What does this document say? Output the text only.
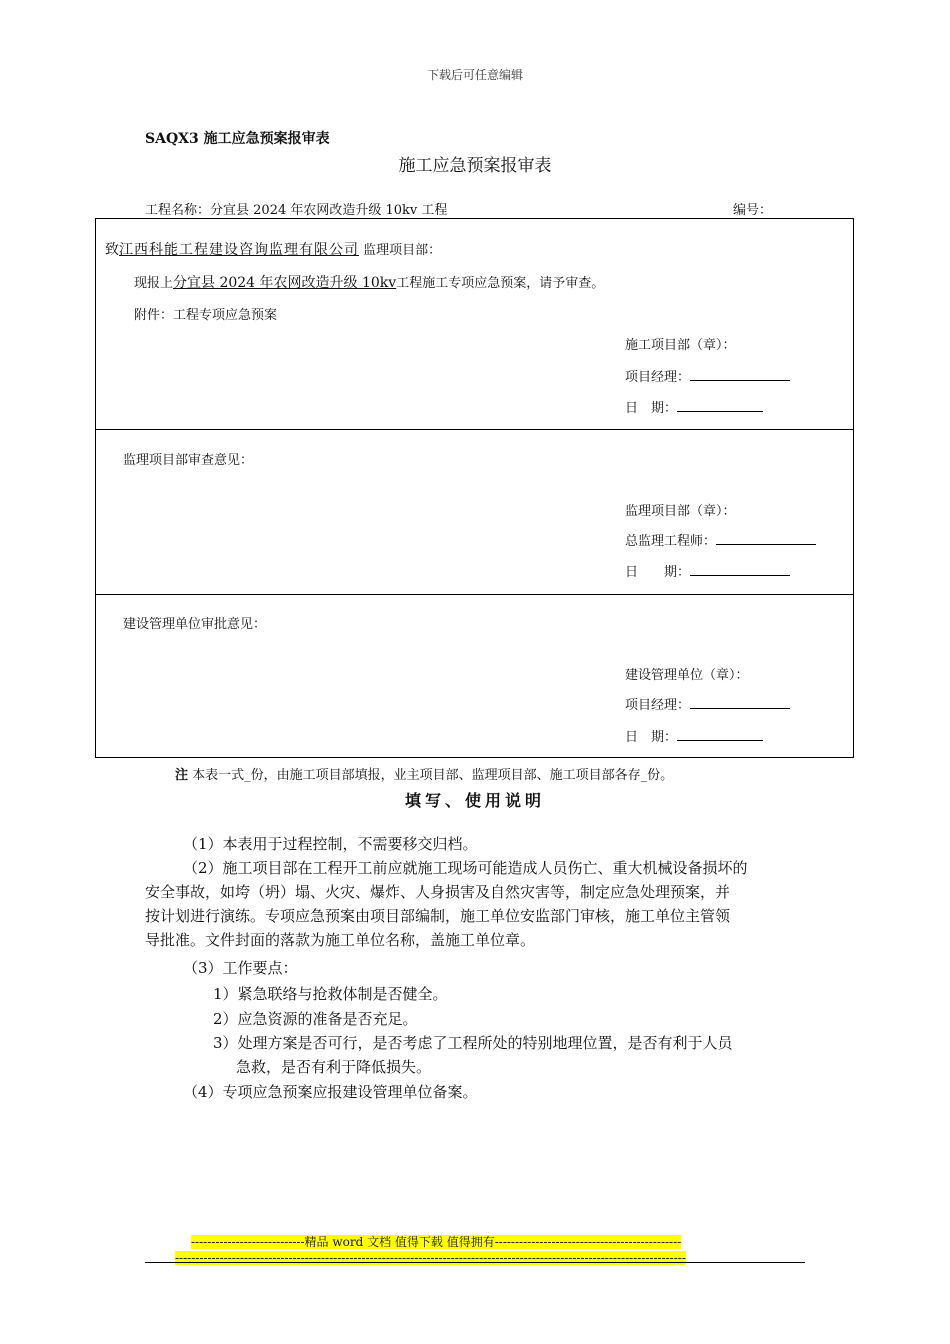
下载后可任意编辑
SAQX3 施工应急预案报审表
施工应急预案报审表
工程名称：分宜县 2024 年农网改造升级 10kv 工程	编号：
致江西科能工程建设咨询监理有限公司 监理项目部：
现报上分宜县 2024 年农网改造升级 10kv工程施工专项应急预案，请予审查。
附件：工程专项应急预案
施工项目部（章）：
项目经理：
日　期：
监理项目部审查意见：
监理项目部（章）：
总监理工程师：
日　　期：
建设管理单位审批意见：
建设管理单位（章）：
项目经理：
日　期：
注 本表一式_份，由施工项目部填报，业主项目部、监理项目部、施工项目部各存_份。
填写、使用说明
（1）本表用于过程控制，不需要移交归档。
（2）施工项目部在工程开工前应就施工现场可能造成人员伤亡、重大机械设备损坏的
安全事故，如垮（坍）塌、火灾、爆炸、人身损害及自然灾害等，制定应急处理预案，并
按计划进行演练。专项应急预案由项目部编制，施工单位安监部门审核，施工单位主管领
导批准。文件封面的落款为施工单位名称，盖施工单位章。
（3）工作要点：
1）紧急联络与抢救体制是否健全。
2）应急资源的准备是否充足。
3）处理方案是否可行，是否考虑了工程所处的特别地理位置，是否有利于人员
急救，是否有利于降低损失。
（4）专项应急预案应报建设管理单位备案。
----------------------------精品 word 文档 值得下载 值得拥有----------------------------------------------
------------------------------------------------------------------------------------------------------------------------------
